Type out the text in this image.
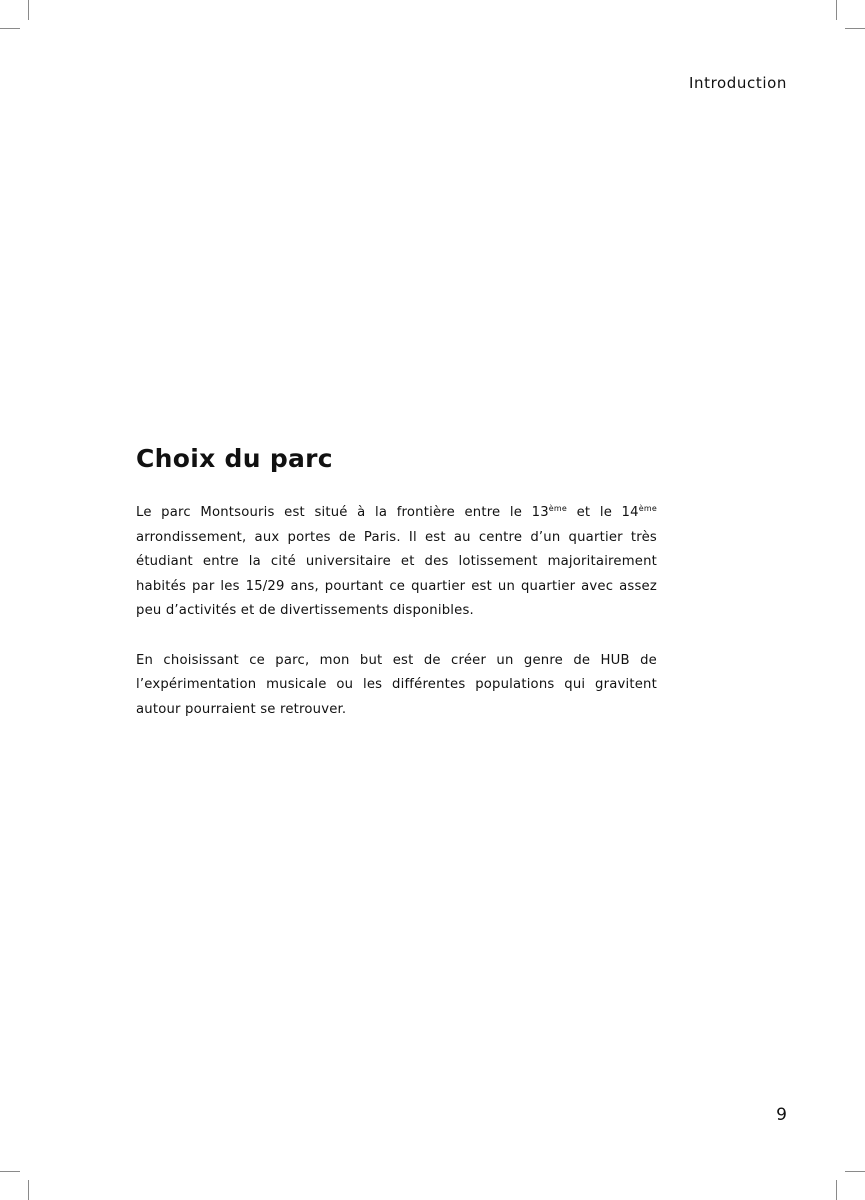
Introduction
Choix du parc

Le parc Montsouris est situé à la frontière entre le 13ème et le 14ème arrondissement, aux portes de Paris. Il est au centre d’un quartier très étudiant entre la cité universitaire et des lotissement majoritairement habités par les 15/29 ans, pourtant ce quartier est un quartier avec assez peu d’activités et de divertissements disponibles.

En choisissant ce parc, mon but est de créer un genre de HUB de l’expérimentation musicale ou les différentes populations qui gravitent autour pourraient se retrouver.

9
